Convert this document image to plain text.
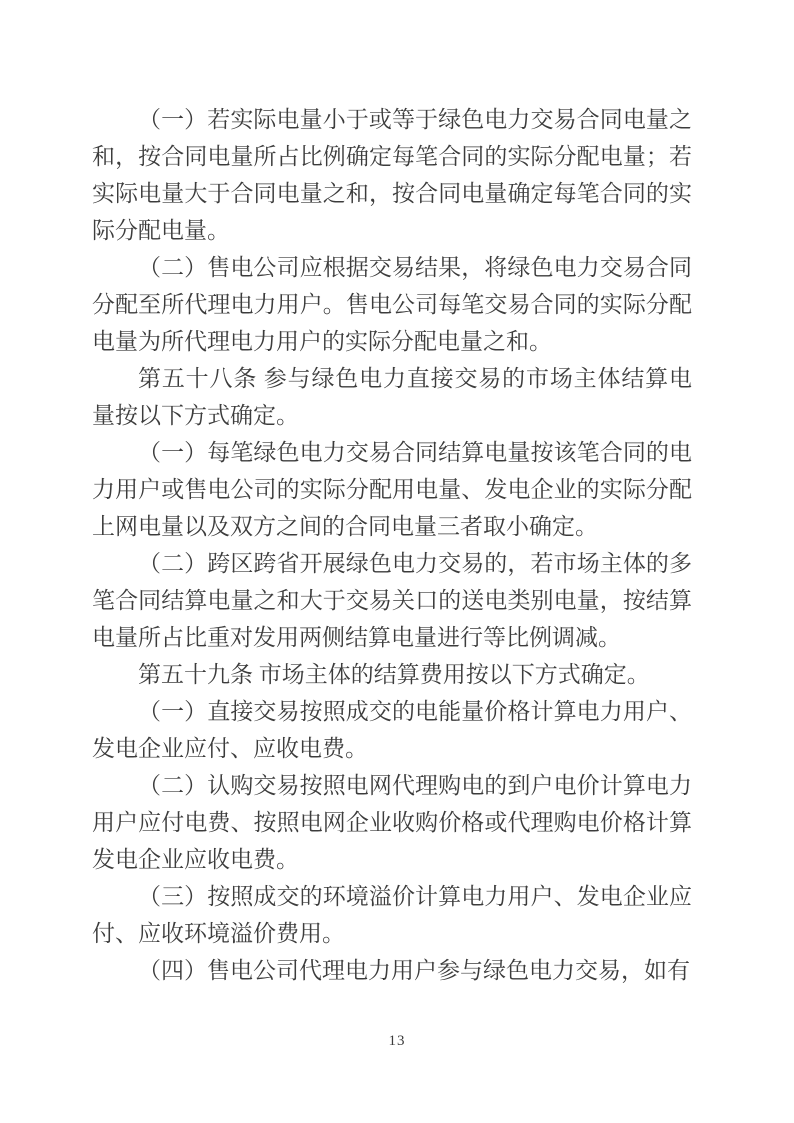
（一）若实际电量小于或等于绿色电力交易合同电量之和，按合同电量所占比例确定每笔合同的实际分配电量；若实际电量大于合同电量之和，按合同电量确定每笔合同的实际分配电量。

（二）售电公司应根据交易结果，将绿色电力交易合同分配至所代理电力用户。售电公司每笔交易合同的实际分配电量为所代理电力用户的实际分配电量之和。

第五十八条 参与绿色电力直接交易的市场主体结算电量按以下方式确定。

（一）每笔绿色电力交易合同结算电量按该笔合同的电力用户或售电公司的实际分配用电量、发电企业的实际分配上网电量以及双方之间的合同电量三者取小确定。

（二）跨区跨省开展绿色电力交易的，若市场主体的多笔合同结算电量之和大于交易关口的送电类别电量，按结算电量所占比重对发用两侧结算电量进行等比例调减。

第五十九条 市场主体的结算费用按以下方式确定。

（一）直接交易按照成交的电能量价格计算电力用户、发电企业应付、应收电费。

（二）认购交易按照电网代理购电的到户电价计算电力用户应付电费、按照电网企业收购价格或代理购电价格计算发电企业应收电费。

（三）按照成交的环境溢价计算电力用户、发电企业应付、应收环境溢价费用。

（四）售电公司代理电力用户参与绿色电力交易，如有

13
